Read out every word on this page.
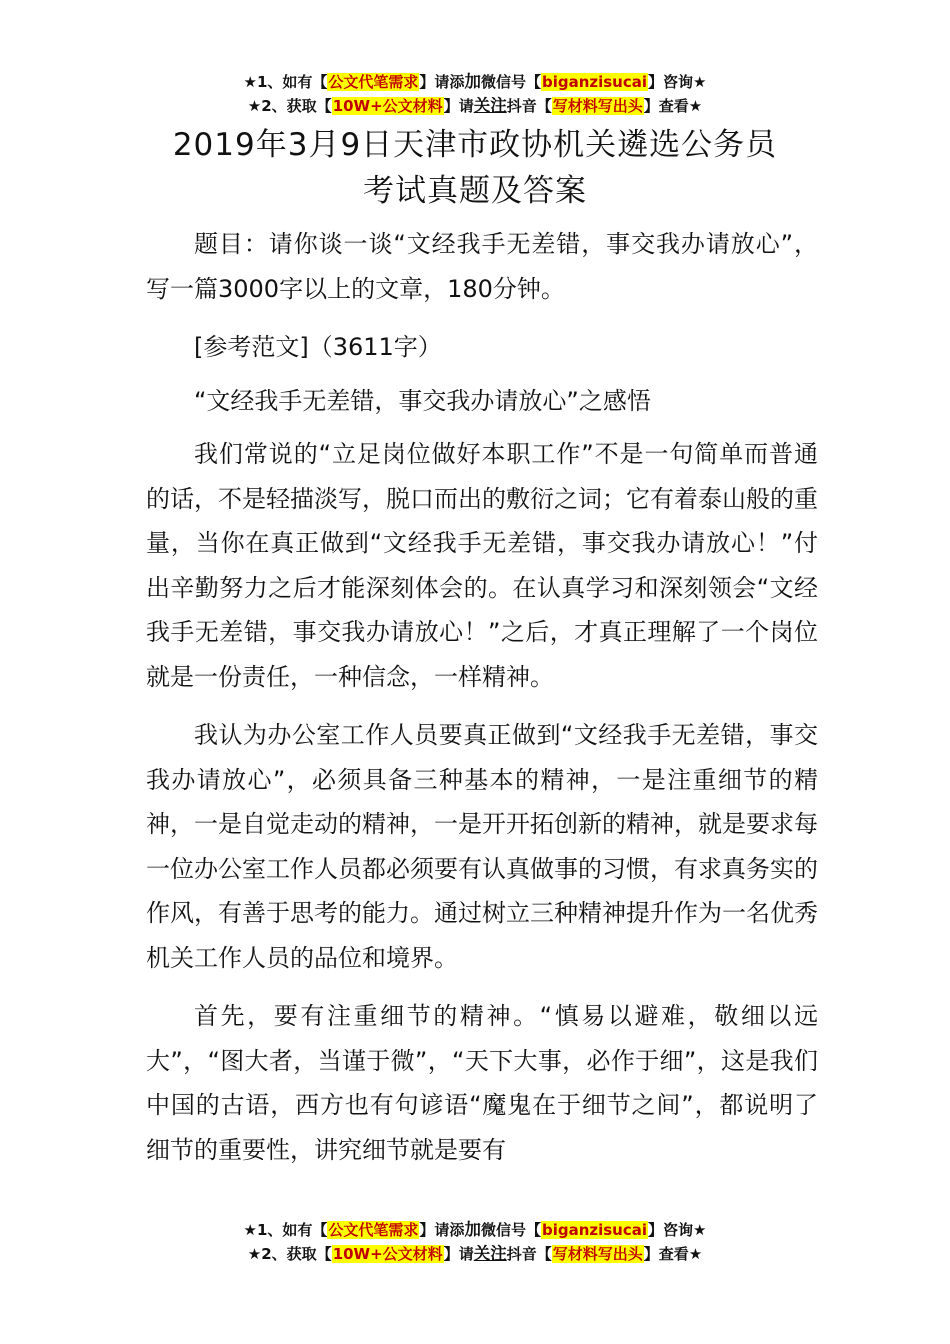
★1、如有【公文代笔需求】请添加微信号【biganzisucai】咨询★
★2、获取【10W+公文材料】请关注抖音【写材料写出头】查看★
2019年3月9日天津市政协机关遴选公务员
考试真题及答案

题目：请你谈一谈“文经我手无差错，事交我办请放心”，写一篇3000字以上的文章，180分钟。

[参考范文]（3611字）

“文经我手无差错，事交我办请放心”之感悟

我们常说的“立足岗位做好本职工作”不是一句简单而普通的话，不是轻描淡写，脱口而出的敷衍之词；它有着泰山般的重量，当你在真正做到“文经我手无差错，事交我办请放心！”付出辛勤努力之后才能深刻体会的。在认真学习和深刻领会“文经我手无差错，事交我办请放心！”之后，才真正理解了一个岗位就是一份责任，一种信念，一样精神。

我认为办公室工作人员要真正做到“文经我手无差错，事交我办请放心”，必须具备三种基本的精神，一是注重细节的精神，一是自觉走动的精神，一是开开拓创新的精神，就是要求每一位办公室工作人员都必须要有认真做事的习惯，有求真务实的作风，有善于思考的能力。通过树立三种精神提升作为一名优秀机关工作人员的品位和境界。

首先，要有注重细节的精神。“慎易以避难，敬细以远大”，“图大者，当谨于微”，“天下大事，必作于细”，这是我们中国的古语，西方也有句谚语“魔鬼在于细节之间”，都说明了细节的重要性，讲究细节就是要有

★1、如有【公文代笔需求】请添加微信号【biganzisucai】咨询★
★2、获取【10W+公文材料】请关注抖音【写材料写出头】查看★
